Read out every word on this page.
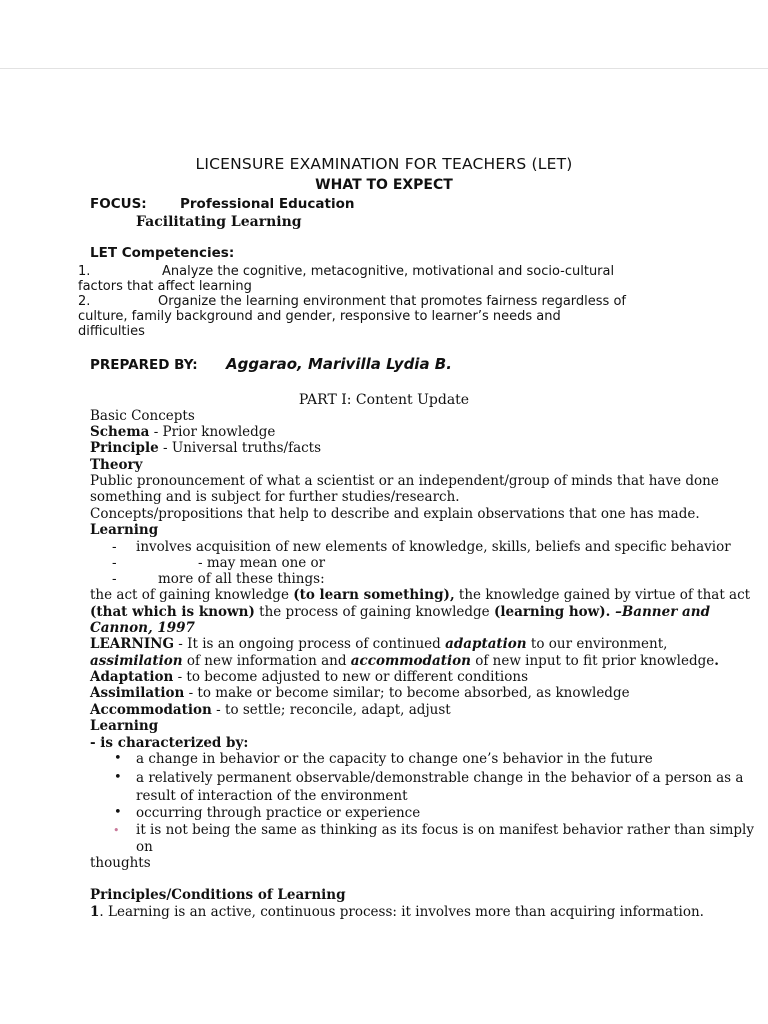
LICENSURE EXAMINATION FOR TEACHERS (LET)
WHAT TO EXPECT
FOCUS: Professional Education
Facilitating Learning
LET Competencies:
1.	Analyze the cognitive, metacognitive, motivational and socio-cultural
factors that affect learning
2.	Organize the learning environment that promotes fairness regardless of
culture, family background and gender, responsive to learner’s needs and
difficulties
PREPARED BY: Aggarao, Marivilla Lydia B.
PART I: Content Update
Basic Concepts
Schema - Prior knowledge
Principle - Universal truths/facts
Theory
Public pronouncement of what a scientist or an independent/group of minds that have done
something and is subject for further studies/research.
Concepts/propositions that help to describe and explain observations that one has made.
Learning
- involves acquisition of new elements of knowledge, skills, beliefs and specific behavior
-	- may mean one or
-	more of all these things:
the act of gaining knowledge (to learn something), the knowledge gained by virtue of that act
(that which is known) the process of gaining knowledge (learning how). –Banner and
Cannon, 1997
LEARNING - It is an ongoing process of continued adaptation to our environment,
assimilation of new information and accommodation of new input to fit prior knowledge.
Adaptation - to become adjusted to new or different conditions
Assimilation - to make or become similar; to become absorbed, as knowledge
Accommodation - to settle; reconcile, adapt, adjust
Learning
- is characterized by:
• a change in behavior or the capacity to change one’s behavior in the future
• a relatively permanent observable/demonstrable change in the behavior of a person as a
result of interaction of the environment
• occurring through practice or experience
• it is not being the same as thinking as its focus is on manifest behavior rather than simply
on
thoughts
Principles/Conditions of Learning
1. Learning is an active, continuous process: it involves more than acquiring information.
